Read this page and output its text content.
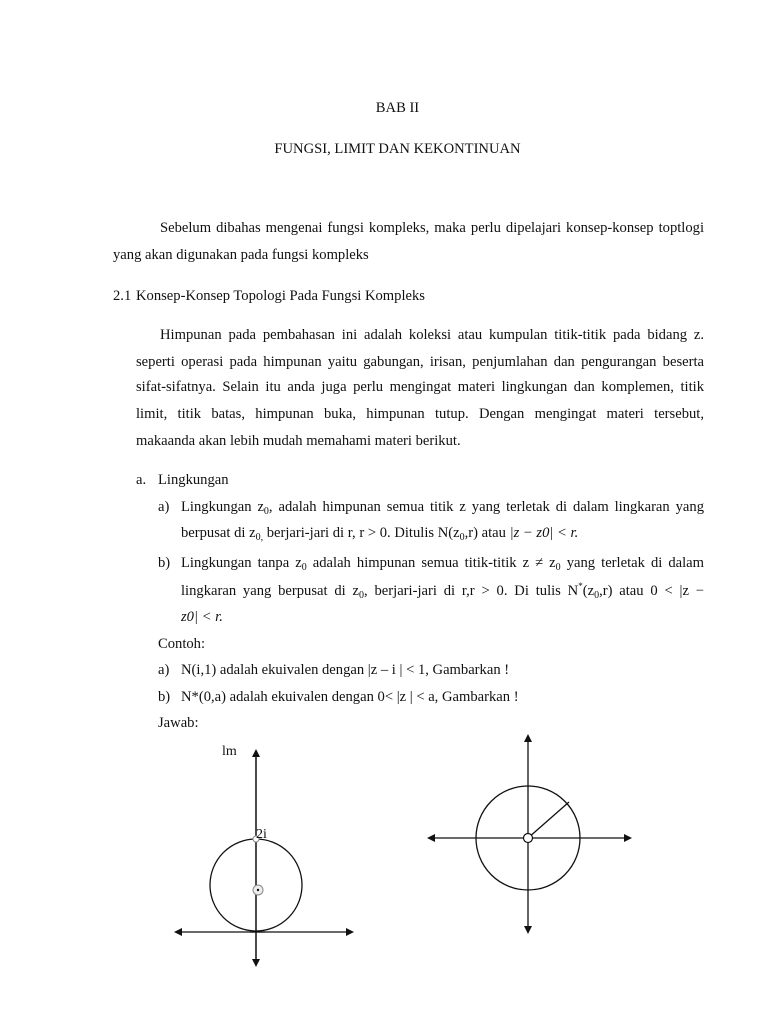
BAB II
FUNGSI, LIMIT DAN KEKONTINUAN
Sebelum dibahas mengenai fungsi kompleks, maka perlu dipelajari konsep-konsep toptlogi
yang akan digunakan pada fungsi kompleks
2.1 Konsep-Konsep Topologi Pada Fungsi Kompleks
Himpunan pada pembahasan ini adalah koleksi atau kumpulan titik-titik pada bidang z.
seperti operasi pada himpunan yaitu gabungan, irisan, penjumlahan dan pengurangan beserta
sifat-sifatnya. Selain itu anda juga perlu mengingat materi lingkungan dan komplemen, titik
limit, titik batas, himpunan buka, himpunan tutup. Dengan mengingat materi tersebut,
makaanda akan lebih mudah memahami materi berikut.
a. Lingkungan
a) Lingkungan $z_0$, adalah himpunan semua titik z yang terletak di dalam lingkaran yang
berpusat di $z_{0,}$ berjari-jari di r, r > 0. Ditulis $N(z_0,r)$ atau |z − z0| < r.
b) Lingkungan tanpa $z_0$ adalah himpunan semua titik-titik $z \ne z_0$ yang terletak di dalam
lingkaran yang berpusat di $z_0$, berjari-jari di r,r > 0. Di tulis $N^*(z_0,r)$ atau 0 < |z −
z0| < r.
Contoh:
a) N(i,1) adalah ekuivalen dengan |z – i | < 1, Gambarkan !
b) N*(0,a) adalah ekuivalen dengan 0< |z | < a, Gambarkan !
Jawab:
lm
2i
